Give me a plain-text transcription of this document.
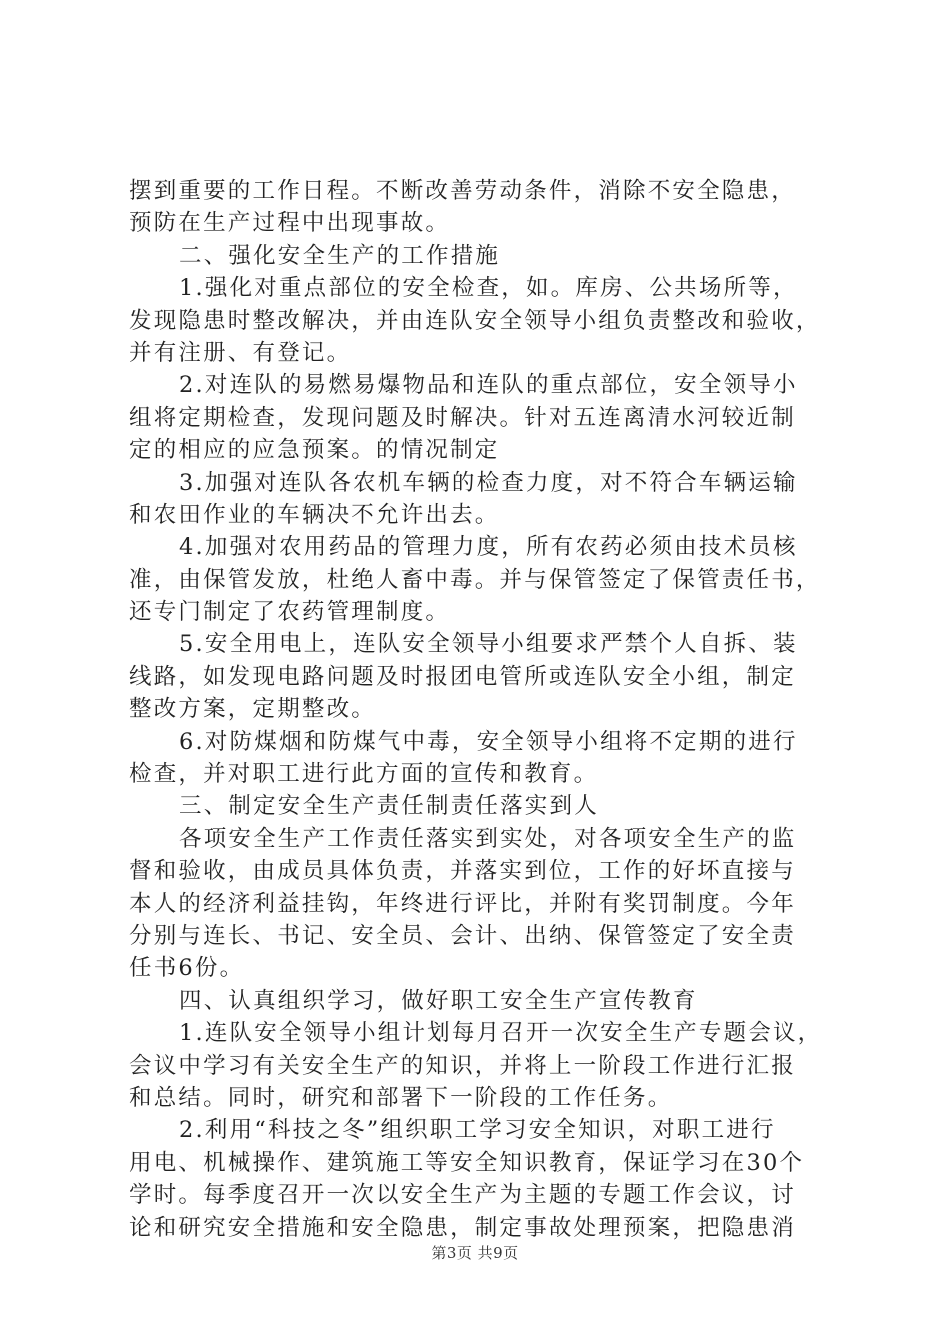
摆到重要的工作日程。不断改善劳动条件，消除不安全隐患，
预防在生产过程中出现事故。
二、强化安全生产的工作措施
1.强化对重点部位的安全检查，如。库房、公共场所等，
发现隐患时整改解决，并由连队安全领导小组负责整改和验收，
并有注册、有登记。
2.对连队的易燃易爆物品和连队的重点部位，安全领导小
组将定期检查，发现问题及时解决。针对五连离清水河较近制
定的相应的应急预案。的情况制定
3.加强对连队各农机车辆的检查力度，对不符合车辆运输
和农田作业的车辆决不允许出去。
4.加强对农用药品的管理力度，所有农药必须由技术员核
准，由保管发放，杜绝人畜中毒。并与保管签定了保管责任书，
还专门制定了农药管理制度。
5.安全用电上，连队安全领导小组要求严禁个人自拆、装
线路，如发现电路问题及时报团电管所或连队安全小组，制定
整改方案，定期整改。
6.对防煤烟和防煤气中毒，安全领导小组将不定期的进行
检查，并对职工进行此方面的宣传和教育。
三、制定安全生产责任制责任落实到人
各项安全生产工作责任落实到实处，对各项安全生产的监
督和验收，由成员具体负责，并落实到位，工作的好坏直接与
本人的经济利益挂钩，年终进行评比，并附有奖罚制度。今年
分别与连长、书记、安全员、会计、出纳、保管签定了安全责
任书6份。
四、认真组织学习，做好职工安全生产宣传教育
1.连队安全领导小组计划每月召开一次安全生产专题会议，
会议中学习有关安全生产的知识，并将上一阶段工作进行汇报
和总结。同时，研究和部署下一阶段的工作任务。
2.利用“科技之冬”组织职工学习安全知识，对职工进行
用电、机械操作、建筑施工等安全知识教育，保证学习在30个
学时。每季度召开一次以安全生产为主题的专题工作会议，讨
论和研究安全措施和安全隐患，制定事故处理预案，把隐患消
第3页 共9页
